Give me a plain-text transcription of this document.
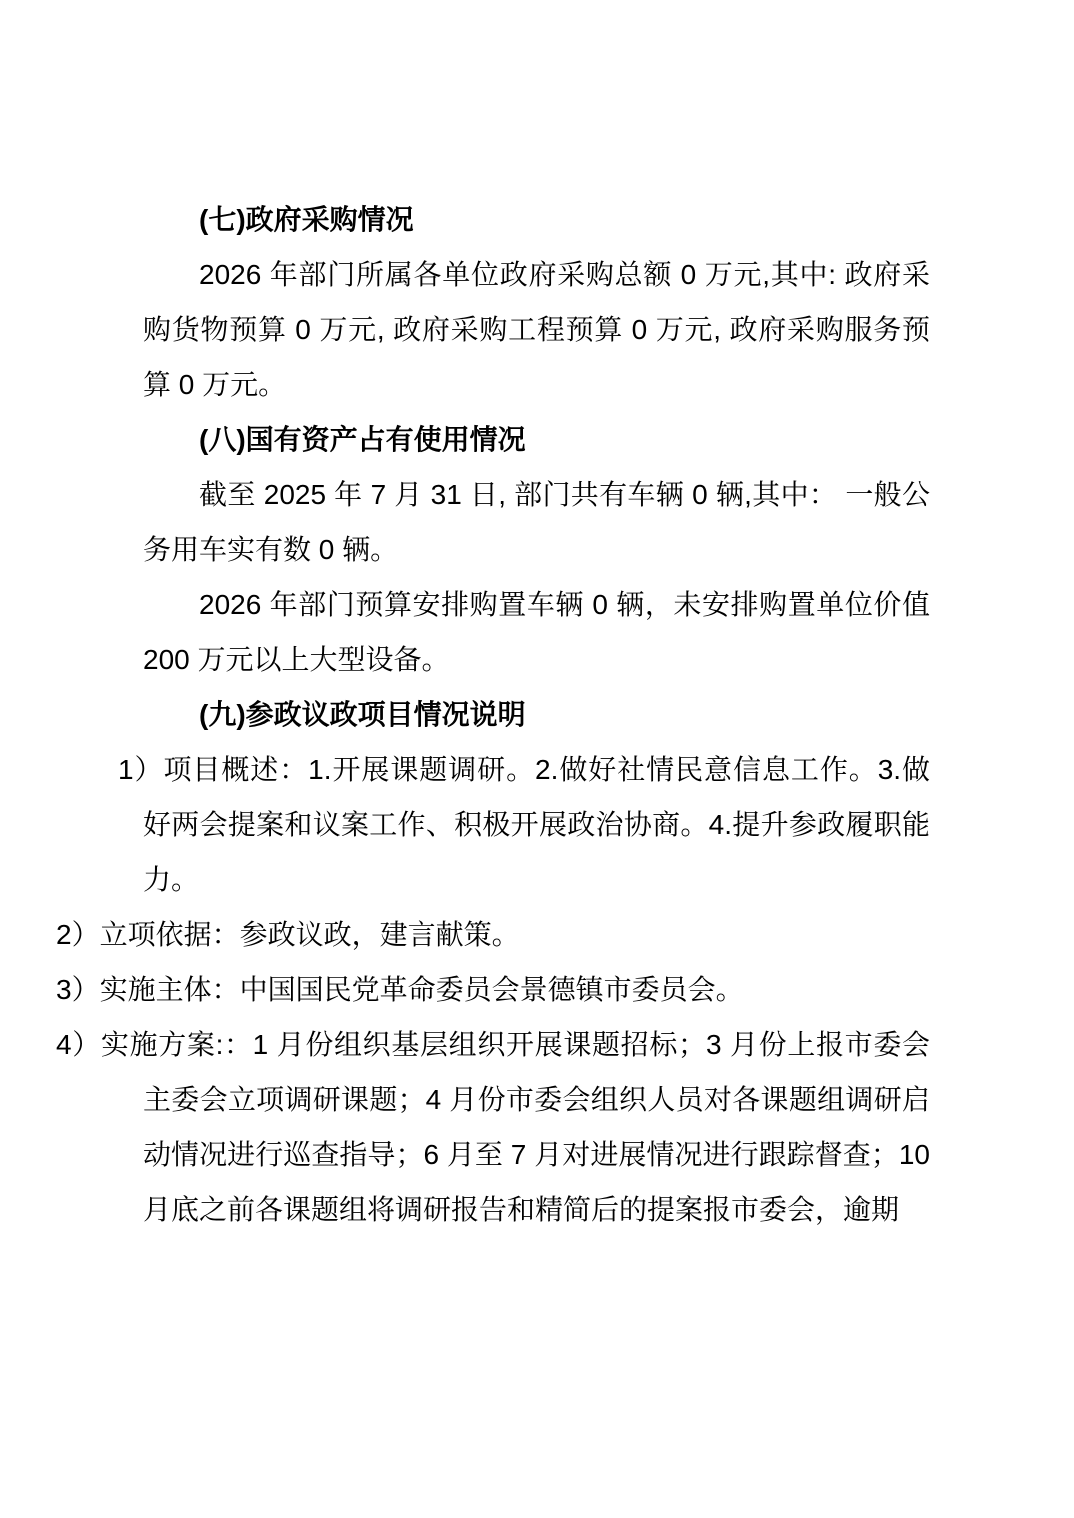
(七)政府采购情况

2026 年部门所属各单位政府采购总额 0 万元,其中: 政府采购货物预算 0 万元, 政府采购工程预算 0 万元, 政府采购服务预算 0 万元。

(八)国有资产占有使用情况

截至 2025 年 7 月 31 日, 部门共有车辆 0 辆,其中： 一般公务用车实有数 0 辆。

2026 年部门预算安排购置车辆 0 辆，未安排购置单位价值 200 万元以上大型设备。

(九)参政议政项目情况说明

1）项目概述：1.开展课题调研。2.做好社情民意信息工作。3.做好两会提案和议案工作、积极开展政治协商。4.提升参政履职能力。

2）立项依据：参政议政，建言献策。

3）实施主体：中国国民党革命委员会景德镇市委员会。

4）实施方案:：1 月份组织基层组织开展课题招标；3 月份上报市委会主委会立项调研课题；4 月份市委会组织人员对各课题组调研启动情况进行巡查指导；6 月至 7 月对进展情况进行跟踪督查；10 月底之前各课题组将调研报告和精简后的提案报市委会，逾期
